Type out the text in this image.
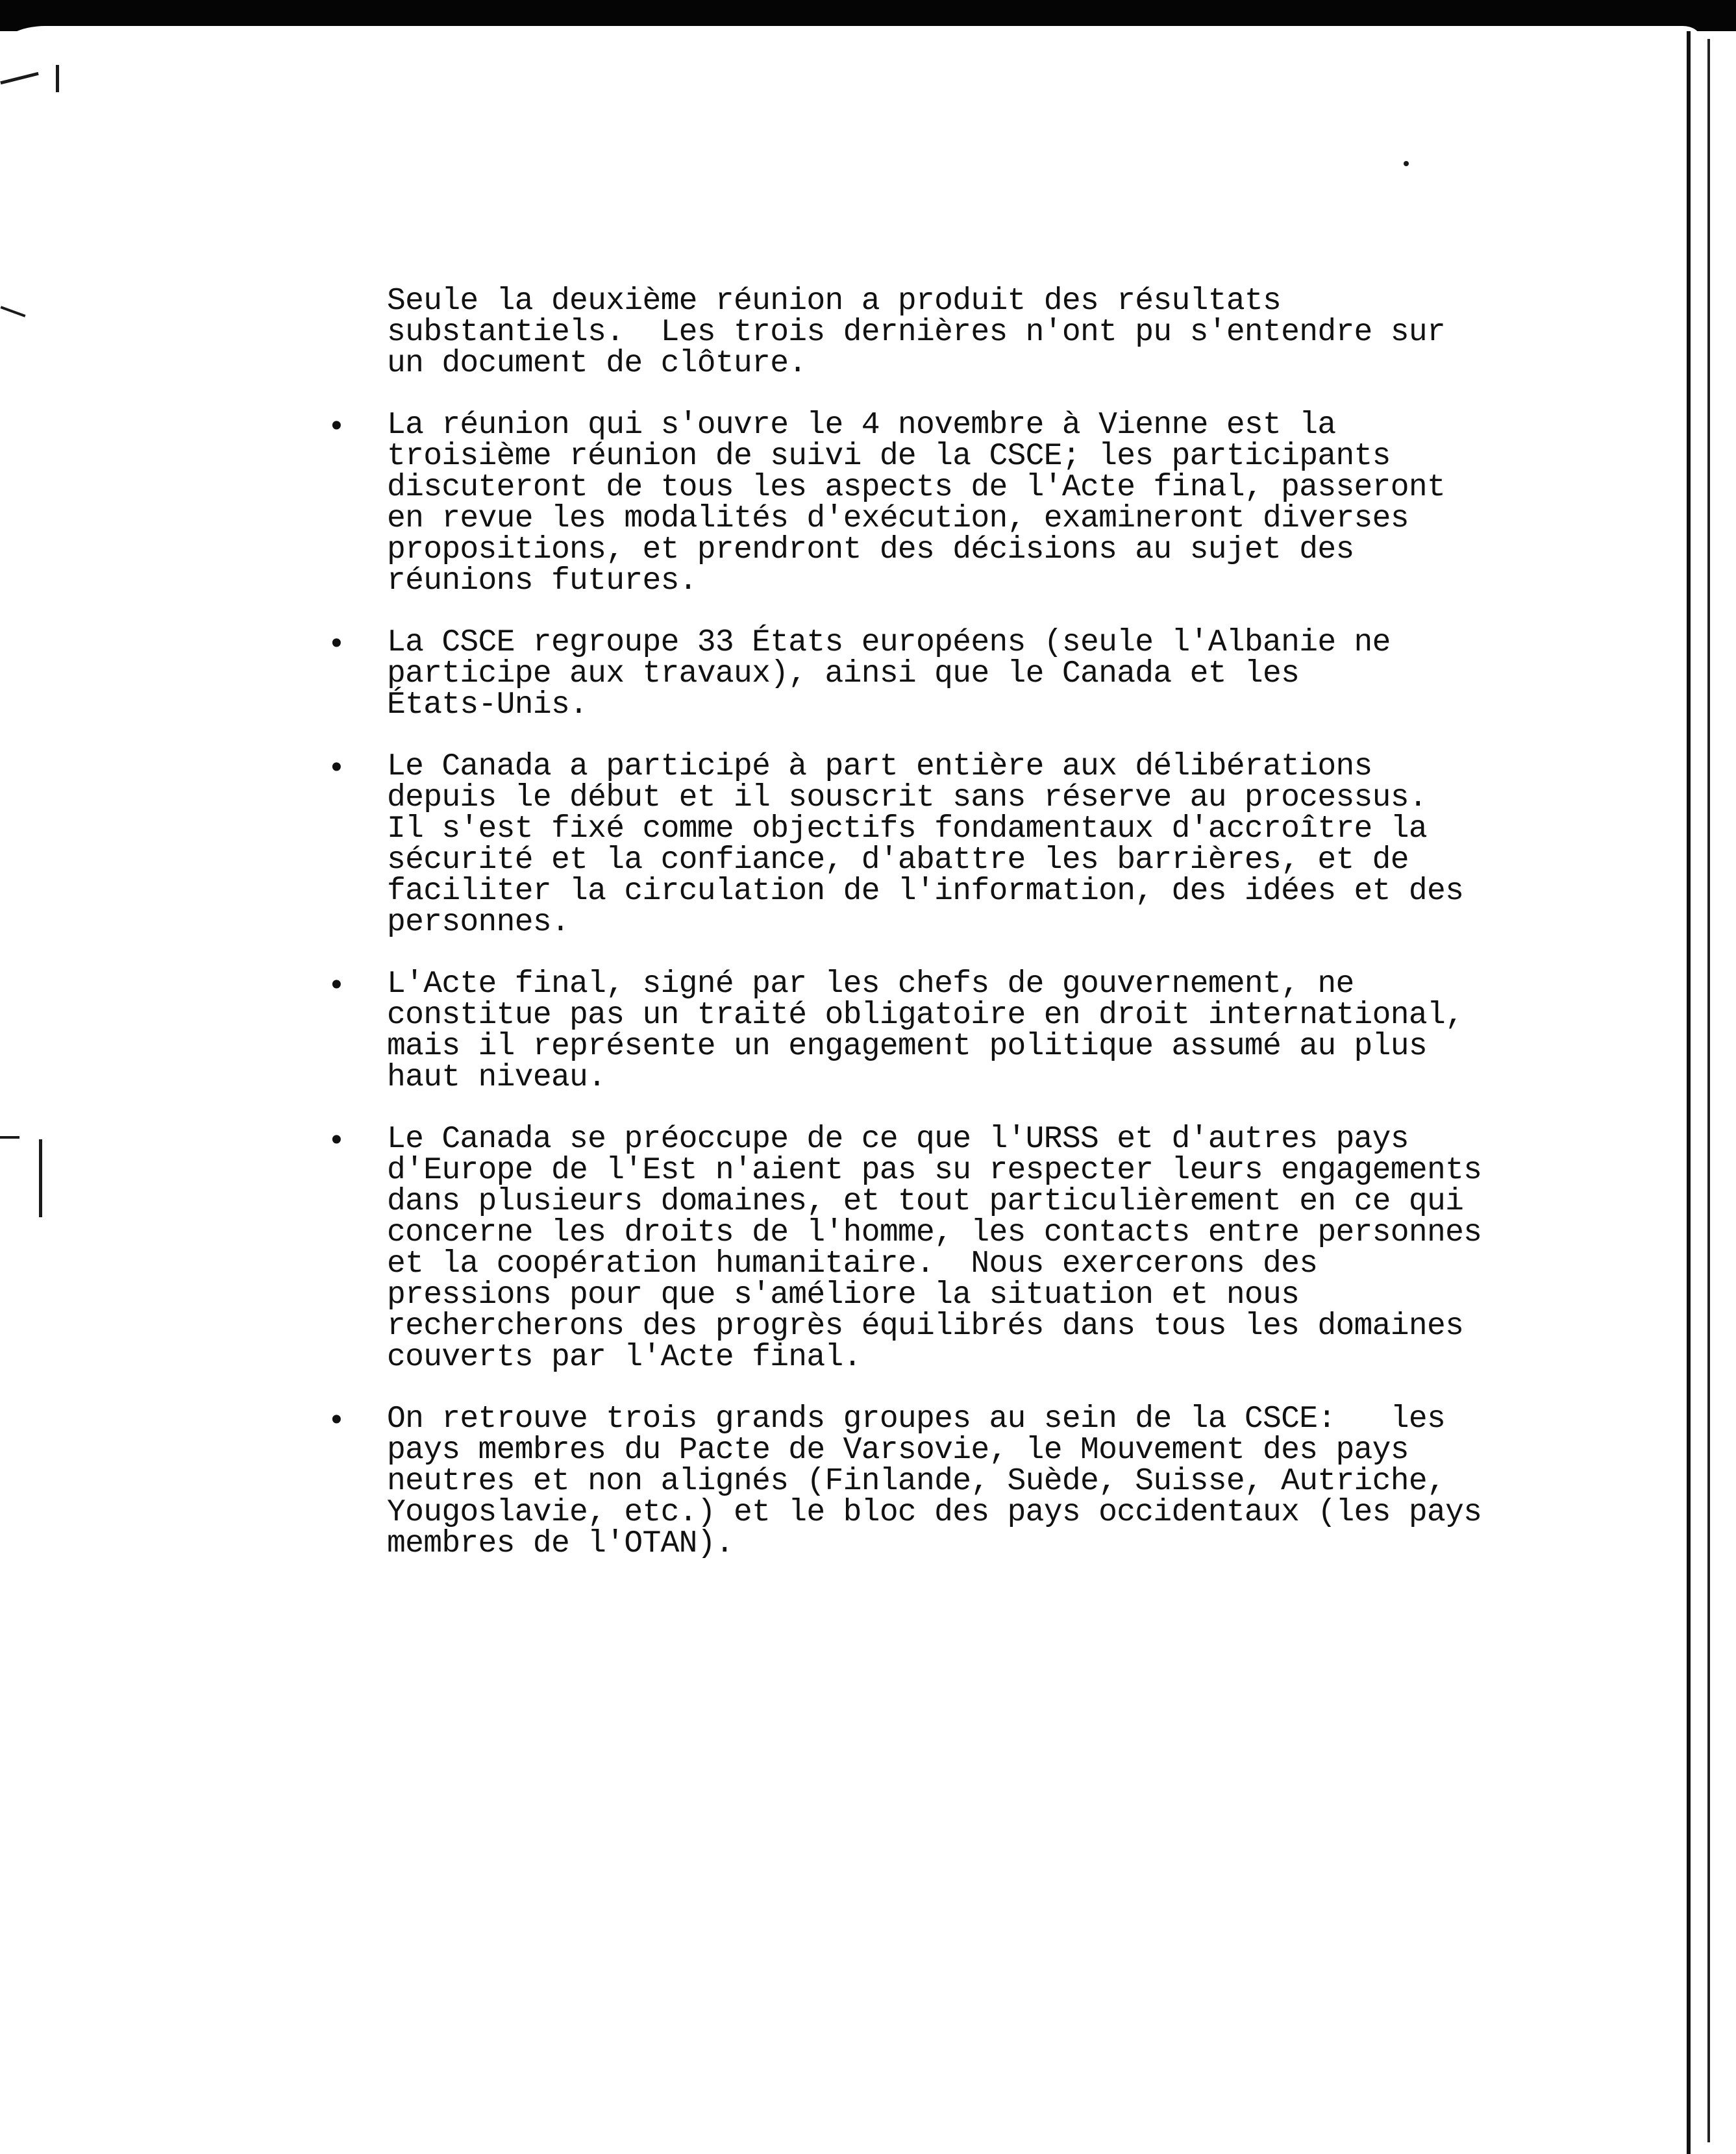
Seule la deuxième réunion a produit des résultats
substantiels.  Les trois dernières n'ont pu s'entendre sur
un document de clôture.
• La réunion qui s'ouvre le 4 novembre à Vienne est la
troisième réunion de suivi de la CSCE; les participants
discuteront de tous les aspects de l'Acte final, passeront
en revue les modalités d'exécution, examineront diverses
propositions, et prendront des décisions au sujet des
réunions futures.
• La CSCE regroupe 33 États européens (seule l'Albanie ne
participe aux travaux), ainsi que le Canada et les
États-Unis.
• Le Canada a participé à part entière aux délibérations
depuis le début et il souscrit sans réserve au processus.
Il s'est fixé comme objectifs fondamentaux d'accroître la
sécurité et la confiance, d'abattre les barrières, et de
faciliter la circulation de l'information, des idées et des
personnes.
• L'Acte final, signé par les chefs de gouvernement, ne
constitue pas un traité obligatoire en droit international,
mais il représente un engagement politique assumé au plus
haut niveau.
• Le Canada se préoccupe de ce que l'URSS et d'autres pays
d'Europe de l'Est n'aient pas su respecter leurs engagements
dans plusieurs domaines, et tout particulièrement en ce qui
concerne les droits de l'homme, les contacts entre personnes
et la coopération humanitaire.  Nous exercerons des
pressions pour que s'améliore la situation et nous
rechercherons des progrès équilibrés dans tous les domaines
couverts par l'Acte final.
• On retrouve trois grands groupes au sein de la CSCE:   les
pays membres du Pacte de Varsovie, le Mouvement des pays
neutres et non alignés (Finlande, Suède, Suisse, Autriche,
Yougoslavie, etc.) et le bloc des pays occidentaux (les pays
membres de l'OTAN).
